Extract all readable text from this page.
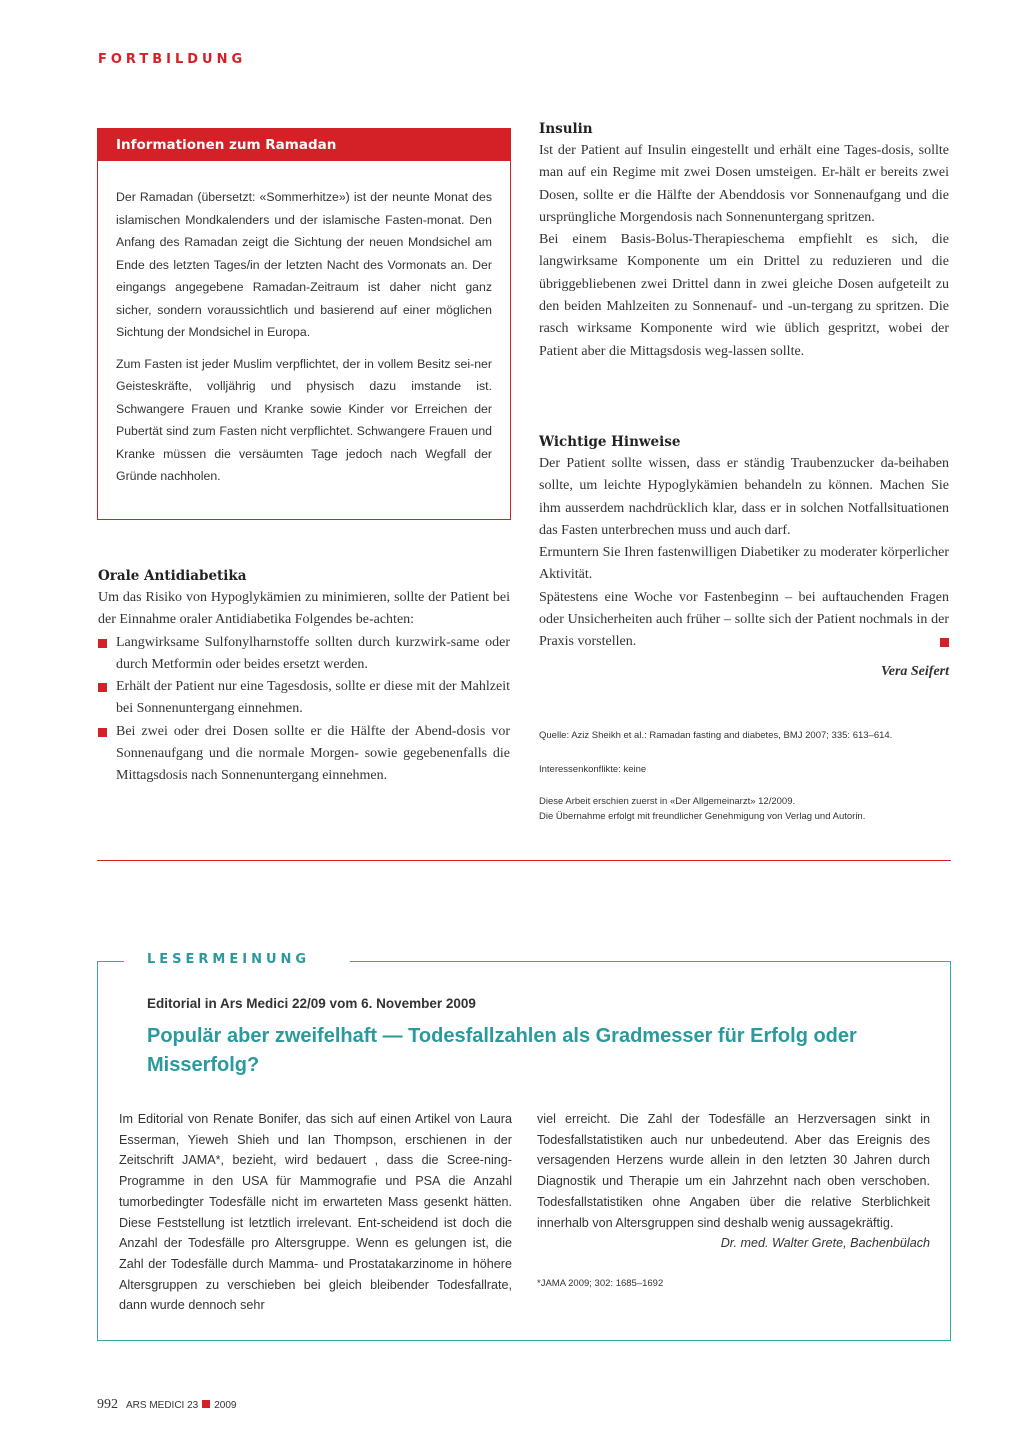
FORTBILDUNG
Informationen zum Ramadan

Der Ramadan (übersetzt: «Sommerhitze») ist der neunte Monat des islamischen Mondkalenders und der islamische Fasten-monat. Den Anfang des Ramadan zeigt die Sichtung der neuen Mondsichel am Ende des letzten Tages/in der letzten Nacht des Vormonats an. Der eingangs angegebene Ramadan-Zeitraum ist daher nicht ganz sicher, sondern voraussichtlich und basierend auf einer möglichen Sichtung der Mondsichel in Europa.

Zum Fasten ist jeder Muslim verpflichtet, der in vollem Besitz sei-ner Geisteskräfte, volljährig und physisch dazu imstande ist. Schwangere Frauen und Kranke sowie Kinder vor Erreichen der Pubertät sind zum Fasten nicht verpflichtet. Schwangere Frauen und Kranke müssen die versäumten Tage jedoch nach Wegfall der Gründe nachholen.

Orale Antidiabetika

Um das Risiko von Hypoglykämien zu minimieren, sollte der Patient bei der Einnahme oraler Antidiabetika Folgendes be-achten:

Langwirksame Sulfonylharnstoffe sollten durch kurzwirk-same oder durch Metformin oder beides ersetzt werden.
Erhält der Patient nur eine Tagesdosis, sollte er diese mit der Mahlzeit bei Sonnenuntergang einnehmen.
Bei zwei oder drei Dosen sollte er die Hälfte der Abend-dosis vor Sonnenaufgang und die normale Morgen- sowie gegebenenfalls die Mittagsdosis nach Sonnenuntergang einnehmen.
Insulin

Ist der Patient auf Insulin eingestellt und erhält eine Tages-dosis, sollte man auf ein Regime mit zwei Dosen umsteigen. Er-hält er bereits zwei Dosen, sollte er die Hälfte der Abenddosis vor Sonnenaufgang und die ursprüngliche Morgendosis nach Sonnenuntergang spritzen.

Bei einem Basis-Bolus-Therapieschema empfiehlt es sich, die langwirksame Komponente um ein Drittel zu reduzieren und die übriggebliebenen zwei Drittel dann in zwei gleiche Dosen aufgeteilt zu den beiden Mahlzeiten zu Sonnenauf- und -un-tergang zu spritzen. Die rasch wirksame Komponente wird wie üblich gespritzt, wobei der Patient aber die Mittagsdosis weg-lassen sollte.

Wichtige Hinweise

Der Patient sollte wissen, dass er ständig Traubenzucker da-beihaben sollte, um leichte Hypoglykämien behandeln zu können. Machen Sie ihm ausserdem nachdrücklich klar, dass er in solchen Notfallsituationen das Fasten unterbrechen muss und auch darf.

Ermuntern Sie Ihren fastenwilligen Diabetiker zu moderater körperlicher Aktivität.

Spätestens eine Woche vor Fastenbeginn – bei auftauchenden Fragen oder Unsicherheiten auch früher – sollte sich der Patient nochmals in der Praxis vorstellen.

Vera Seifert
Quelle: Aziz Sheikh et al.: Ramadan fasting and diabetes, BMJ 2007; 335: 613–614.
Interessenkonflikte: keine
Diese Arbeit erschien zuerst in «Der Allgemeinarzt» 12/2009.
Die Übernahme erfolgt mit freundlicher Genehmigung von Verlag und Autorin.
LESERMEINUNG
Editorial in Ars Medici 22/09 vom 6. November 2009
Populär aber zweifelhaft — Todesfallzahlen als Gradmesser für Erfolg oder Misserfolg?
Im Editorial von Renate Bonifer, das sich auf einen Artikel von Laura Esserman, Yieweh Shieh und Ian Thompson, erschienen in der Zeitschrift JAMA*, bezieht, wird bedauert , dass die Scree-ning-Programme in den USA für Mammografie und PSA die Anzahl tumorbedingter Todesfälle nicht im erwarteten Mass gesenkt hätten. Diese Feststellung ist letztlich irrelevant. Ent-scheidend ist doch die Anzahl der Todesfälle pro Altersgruppe. Wenn es gelungen ist, die Zahl der Todesfälle durch Mamma- und Prostatakarzinome in höhere Altersgruppen zu verschieben bei gleich bleibender Todesfallrate, dann wurde dennoch sehr
viel erreicht. Die Zahl der Todesfälle an Herzversagen sinkt in Todesfallstatistiken auch nur unbedeutend. Aber das Ereignis des versagenden Herzens wurde allein in den letzten 30 Jahren durch Diagnostik und Therapie um ein Jahrzehnt nach oben verschoben. Todesfallstatistiken ohne Angaben über die relative Sterblichkeit innerhalb von Altersgruppen sind deshalb wenig aussagekräftig.
Dr. med. Walter Grete, Bachenbülach
*JAMA 2009; 302: 1685–1692
992 ARS MEDICI 23 2009
